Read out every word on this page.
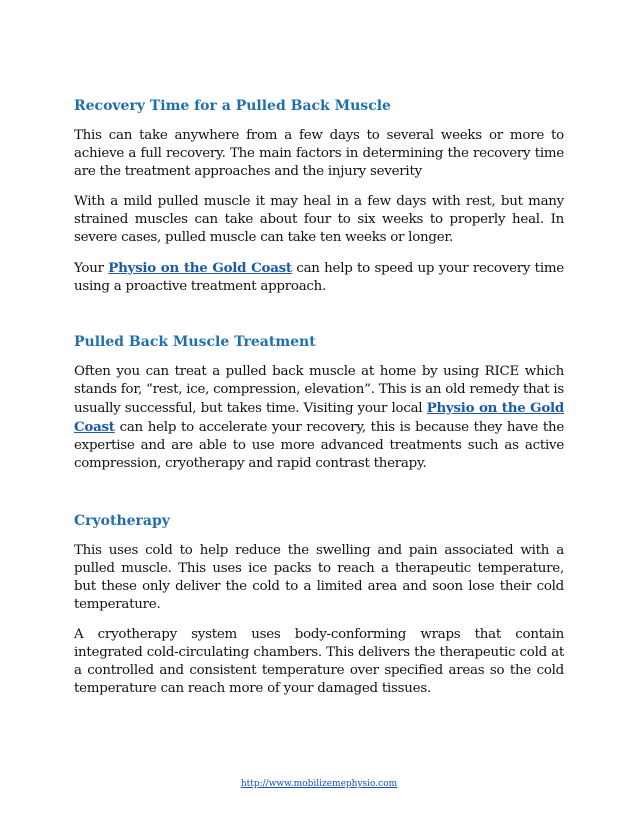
Recovery Time for a Pulled Back Muscle

This can take anywhere from a few days to several weeks or more to achieve a full recovery. The main factors in determining the recovery time are the treatment approaches and the injury severity

With a mild pulled muscle it may heal in a few days with rest, but many strained muscles can take about four to six weeks to properly heal. In severe cases, pulled muscle can take ten weeks or longer.

Your Physio on the Gold Coast can help to speed up your recovery time using a proactive treatment approach.

Pulled Back Muscle Treatment

Often you can treat a pulled back muscle at home by using RICE which stands for, “rest, ice, compression, elevation”. This is an old remedy that is usually successful, but takes time. Visiting your local Physio on the Gold Coast can help to accelerate your recovery, this is because they have the expertise and are able to use more advanced treatments such as active compression, cryotherapy and rapid contrast therapy.

Cryotherapy

This uses cold to help reduce the swelling and pain associated with a pulled muscle. This uses ice packs to reach a therapeutic temperature, but these only deliver the cold to a limited area and soon lose their cold temperature.

A cryotherapy system uses body-conforming wraps that contain integrated cold-circulating chambers. This delivers the therapeutic cold at a controlled and consistent temperature over specified areas so the cold temperature can reach more of your damaged tissues.

http://www.mobilizemephysio.com
